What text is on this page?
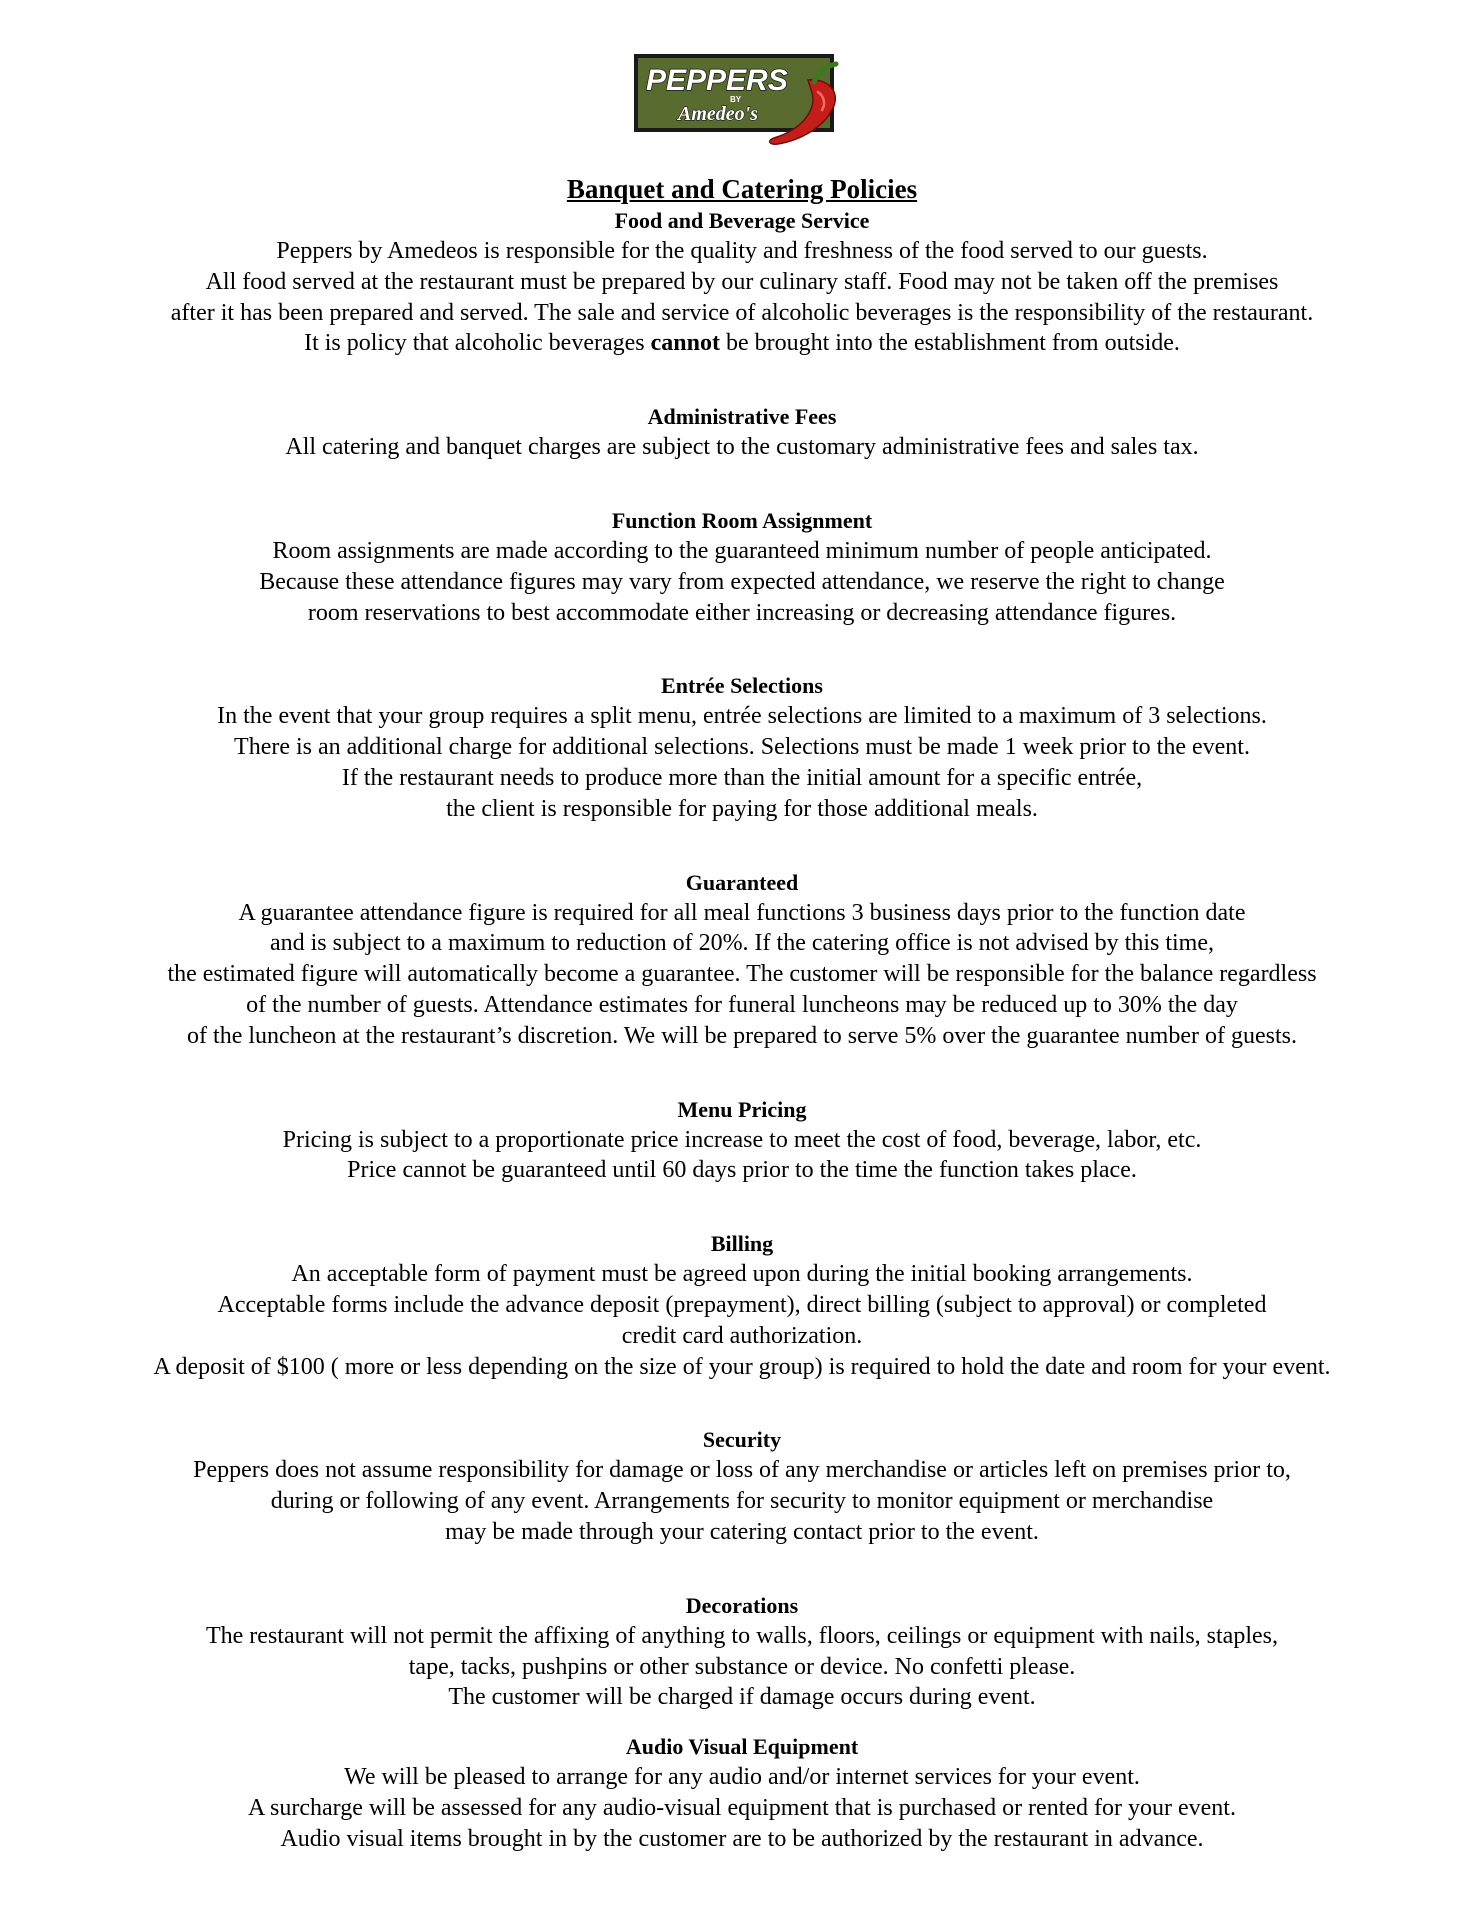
PEPPERS
BY
Amedeo's

Banquet and Catering Policies

Food and Beverage Service

Peppers by Amedeos is responsible for the quality and freshness of the food served to our guests.

All food served at the restaurant must be prepared by our culinary staff. Food may not be taken off the premises

after it has been prepared and served. The sale and service of alcoholic beverages is the responsibility of the restaurant.

It is policy that alcoholic beverages cannot be brought into the establishment from outside.

Administrative Fees

All catering and banquet charges are subject to the customary administrative fees and sales tax.

Function Room Assignment

Room assignments are made according to the guaranteed minimum number of people anticipated.

Because these attendance figures may vary from expected attendance, we reserve the right to change

room reservations to best accommodate either increasing or decreasing attendance figures.

Entrée Selections

In the event that your group requires a split menu, entrée selections are limited to a maximum of 3 selections.

There is an additional charge for additional selections. Selections must be made 1 week prior to the event.

If the restaurant needs to produce more than the initial amount for a specific entrée,

the client is responsible for paying for those additional meals.

Guaranteed

A guarantee attendance figure is required for all meal functions 3 business days prior to the function date

and is subject to a maximum to reduction of 20%. If the catering office is not advised by this time,

the estimated figure will automatically become a guarantee. The customer will be responsible for the balance regardless

of the number of guests. Attendance estimates for funeral luncheons may be reduced up to 30% the day

of the luncheon at the restaurant’s discretion. We will be prepared to serve 5% over the guarantee number of guests.

Menu Pricing

Pricing is subject to a proportionate price increase to meet the cost of food, beverage, labor, etc.

Price cannot be guaranteed until 60 days prior to the time the function takes place.

Billing

An acceptable form of payment must be agreed upon during the initial booking arrangements.

Acceptable forms include the advance deposit (prepayment), direct billing (subject to approval) or completed

credit card authorization.

A deposit of $100 ( more or less depending on the size of your group) is required to hold the date and room for your event.

Security

Peppers does not assume responsibility for damage or loss of any merchandise or articles left on premises prior to,

during or following of any event. Arrangements for security to monitor equipment or merchandise

may be made through your catering contact prior to the event.

Decorations

The restaurant will not permit the affixing of anything to walls, floors, ceilings or equipment with nails, staples,

tape, tacks, pushpins or other substance or device. No confetti please.

The customer will be charged if damage occurs during event.

Audio Visual Equipment

We will be pleased to arrange for any audio and/or internet services for your event.

A surcharge will be assessed for any audio-visual equipment that is purchased or rented for your event.

Audio visual items brought in by the customer are to be authorized by the restaurant in advance.
